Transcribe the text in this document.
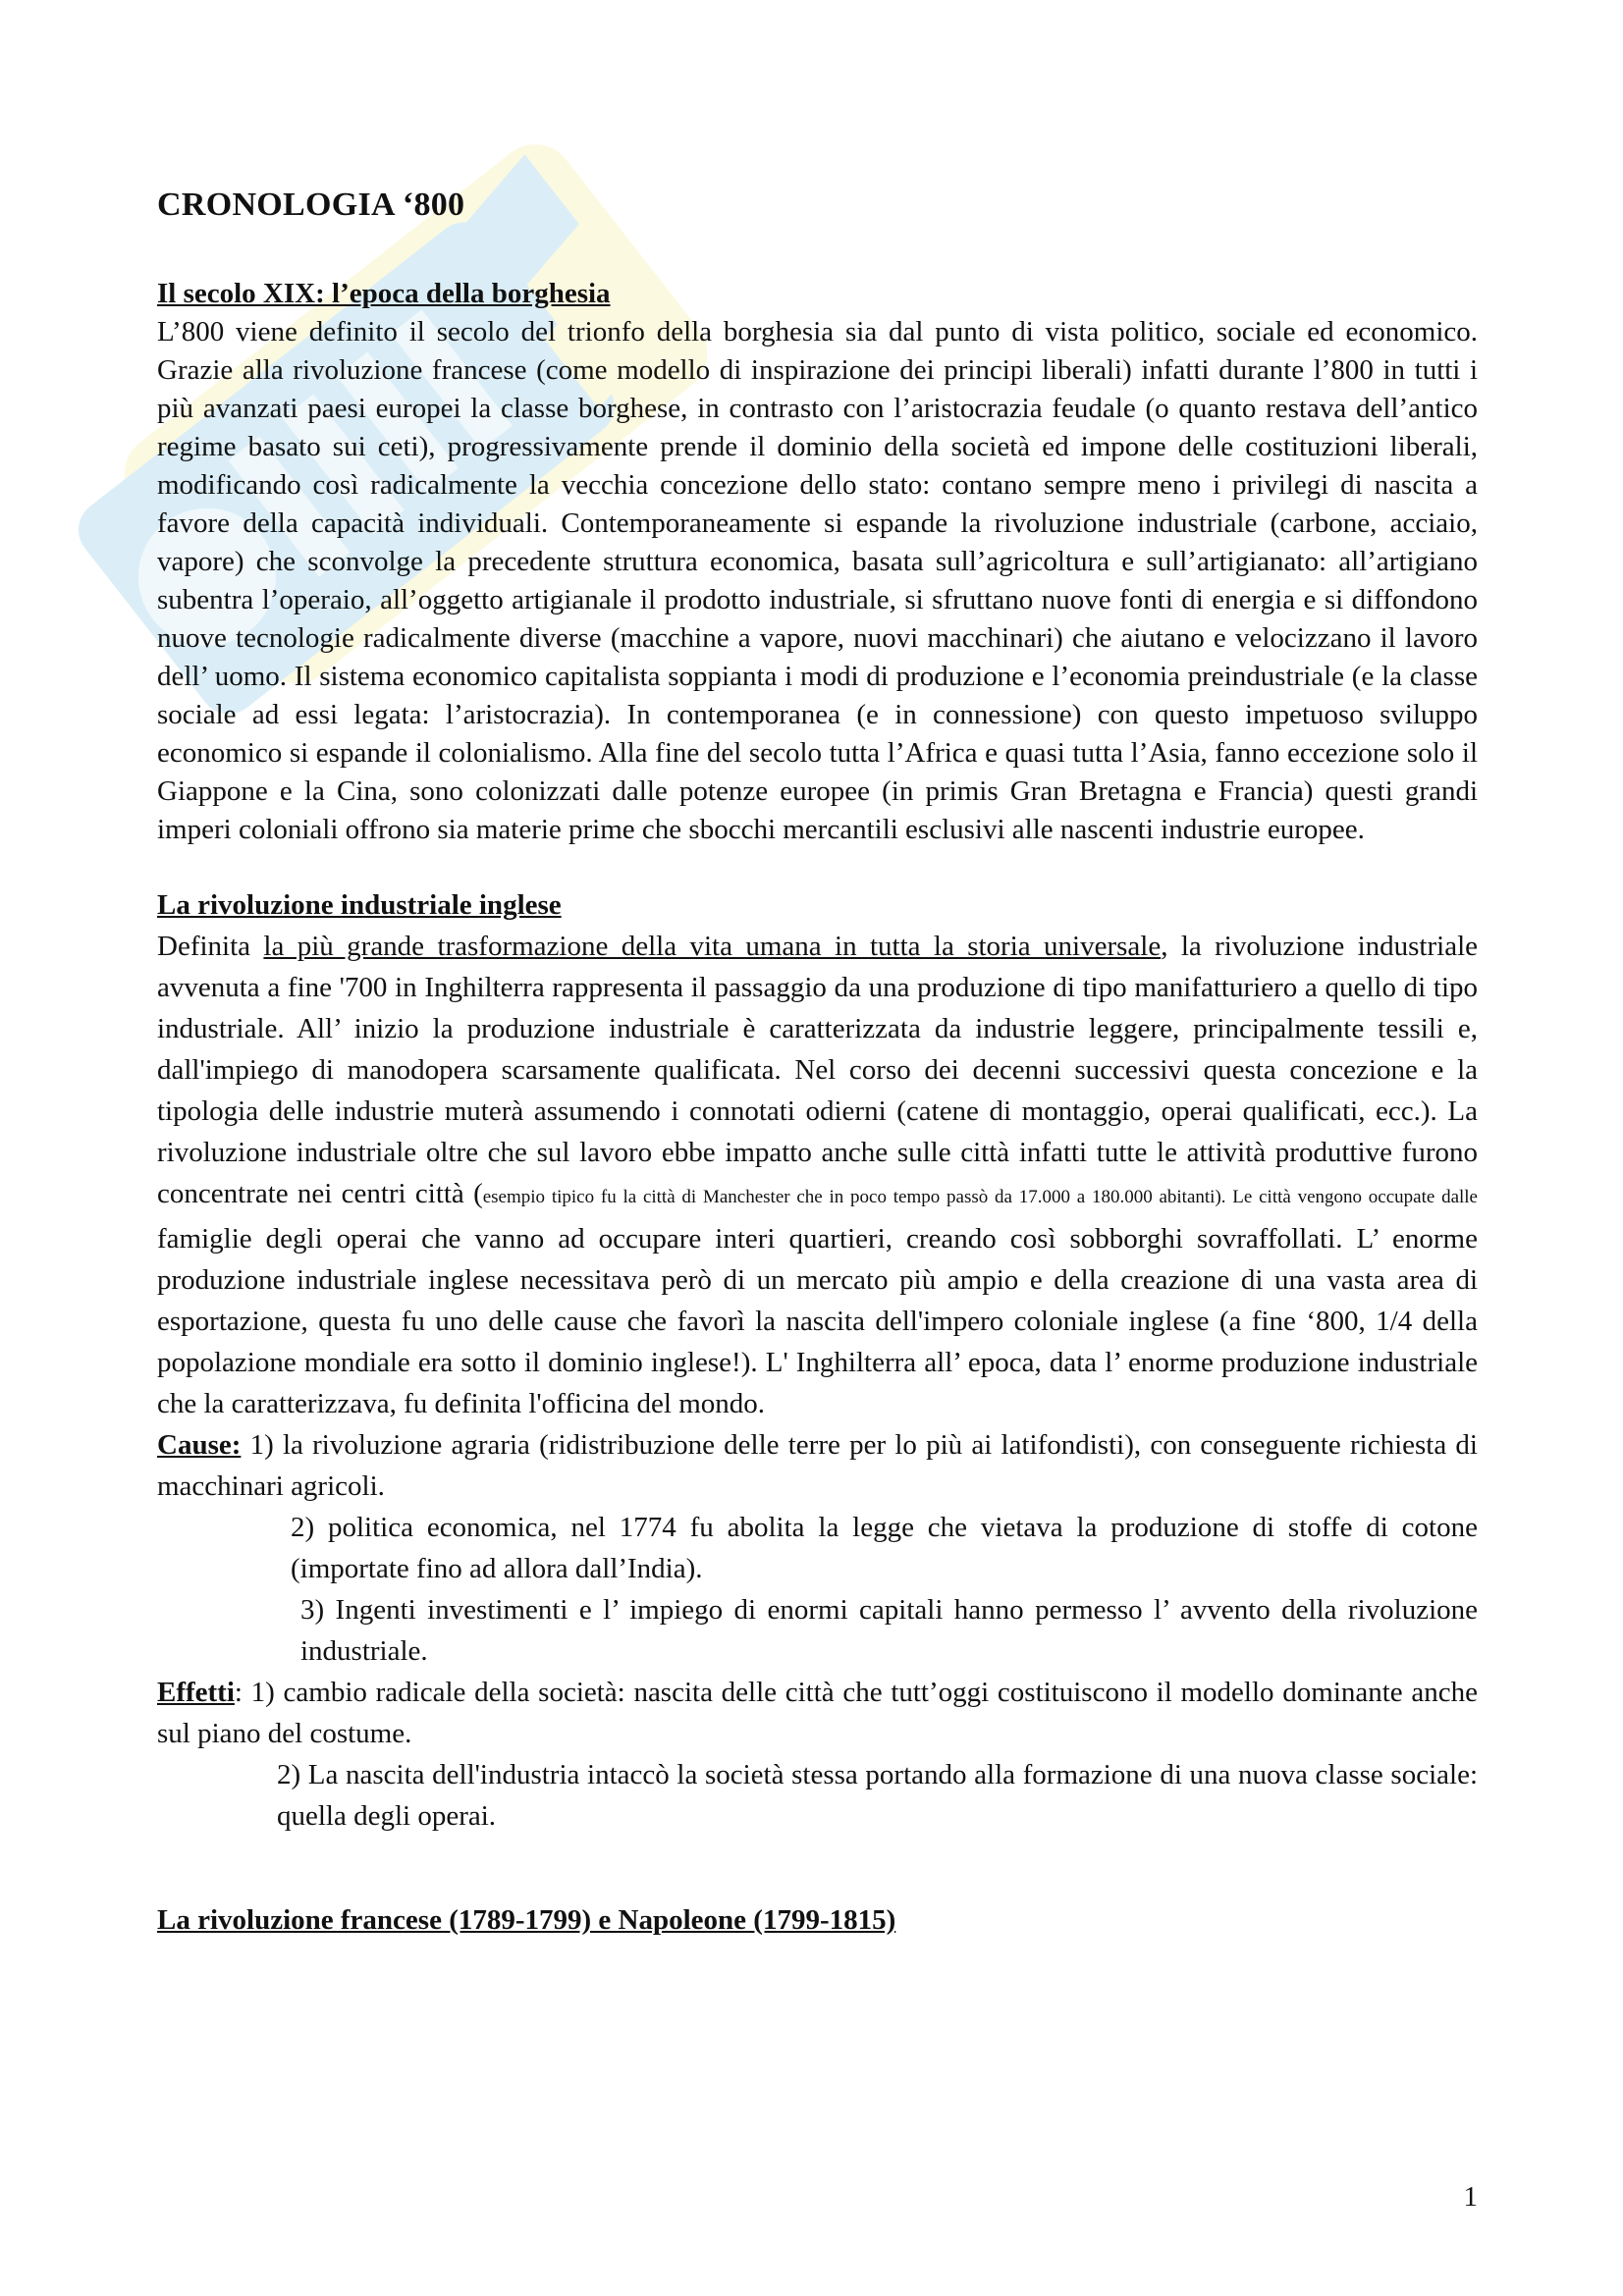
CRONOLOGIA ‘800
Il secolo XIX: l’epoca della borghesia

L’800 viene definito il secolo del trionfo della borghesia sia dal punto di vista politico, sociale ed economico. Grazie alla rivoluzione francese (come modello di inspirazione dei principi liberali) infatti durante l’800 in tutti i più avanzati paesi europei la classe borghese, in contrasto con l’aristocrazia feudale (o quanto restava dell’antico regime basato sui ceti), progressivamente prende il dominio della società ed impone delle costituzioni liberali, modificando così radicalmente la vecchia concezione dello stato: contano sempre meno i privilegi di nascita a favore della capacità individuali. Contemporaneamente si espande la rivoluzione industriale (carbone, acciaio, vapore) che sconvolge la precedente struttura economica, basata sull’agricoltura e sull’artigianato: all’artigiano subentra l’operaio, all’oggetto artigianale il prodotto industriale, si sfruttano nuove fonti di energia e si diffondono nuove tecnologie radicalmente diverse (macchine a vapore, nuovi macchinari) che aiutano e velocizzano il lavoro dell’ uomo. Il sistema economico capitalista soppianta i modi di produzione e l’economia preindustriale (e la classe sociale ad essi legata: l’aristocrazia). In contemporanea (e in connessione) con questo impetuoso sviluppo economico si espande il colonialismo. Alla fine del secolo tutta l’Africa e quasi tutta l’Asia, fanno eccezione solo il Giappone e la Cina, sono colonizzati dalle potenze europee (in primis Gran Bretagna e Francia) questi grandi imperi coloniali offrono sia materie prime che sbocchi mercantili esclusivi alle nascenti industrie europee.

La rivoluzione industriale inglese

Definita la più grande trasformazione della vita umana in tutta la storia universale, la rivoluzione industriale avvenuta a fine '700 in Inghilterra rappresenta il passaggio da una produzione di tipo manifatturiero a quello di tipo industriale. All’ inizio la produzione industriale è caratterizzata da industrie leggere, principalmente tessili e, dall'impiego di manodopera scarsamente qualificata. Nel corso dei decenni successivi questa concezione e la tipologia delle industrie muterà assumendo i connotati odierni (catene di montaggio, operai qualificati, ecc.). La rivoluzione industriale oltre che sul lavoro ebbe impatto anche sulle città infatti tutte le attività produttive furono concentrate nei centri città (esempio tipico fu la città di Manchester che in poco tempo passò da 17.000 a 180.000 abitanti). Le città vengono occupate dalle famiglie degli operai che vanno ad occupare interi quartieri, creando così sobborghi sovraffollati. L’ enorme produzione industriale inglese necessitava però di un mercato più ampio e della creazione di una vasta area di esportazione, questa fu uno delle cause che favorì la nascita dell'impero coloniale inglese (a fine ‘800, 1/4 della popolazione mondiale era sotto il dominio inglese!). L' Inghilterra all’ epoca, data l’ enorme produzione industriale che la caratterizzava, fu definita l'officina del mondo.

Cause: 1) la rivoluzione agraria (ridistribuzione delle terre per lo più ai latifondisti), con conseguente richiesta di macchinari agricoli.

2) politica economica, nel 1774 fu abolita la legge che vietava la produzione di stoffe di cotone (importate fino ad allora dall’India).

3) Ingenti investimenti e l’ impiego di enormi capitali hanno permesso l’ avvento della rivoluzione industriale.

Effetti: 1) cambio radicale della società: nascita delle città che tutt’oggi costituiscono il modello dominante anche sul piano del costume.

2) La nascita dell'industria intaccò la società stessa portando alla formazione di una nuova classe sociale: quella degli operai.

La rivoluzione francese (1789-1799) e Napoleone (1799-1815)
1
